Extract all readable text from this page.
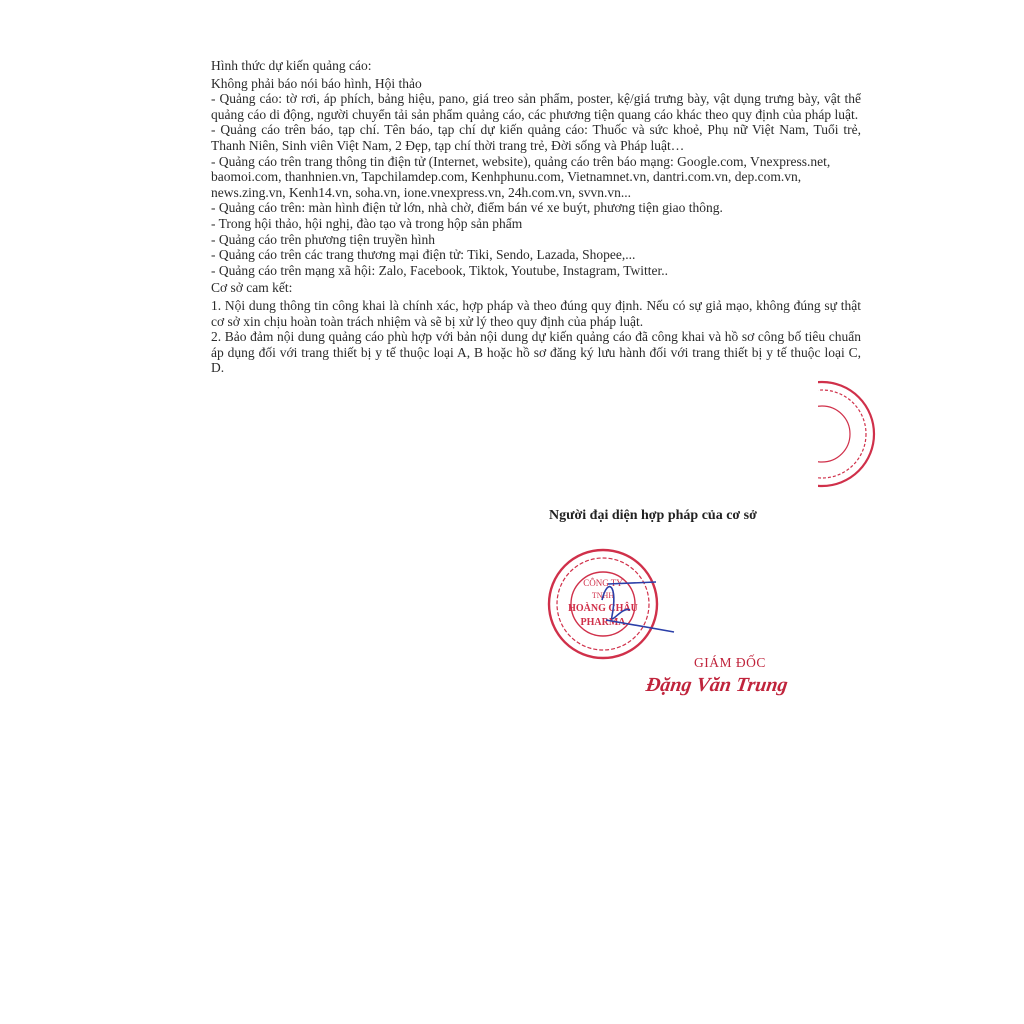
Hình thức dự kiến quảng cáo:

Không phải báo nói báo hình, Hội thảo

- Quảng cáo: tờ rơi, áp phích, bảng hiệu, pano, giá treo sản phẩm, poster, kệ/giá trưng bày, vật dụng trưng bày, vật thể quảng cáo di động, người chuyển tải sản phẩm quảng cáo, các phương tiện quang cáo khác theo quy định của pháp luật.

- Quảng cáo trên báo, tạp chí. Tên báo, tạp chí dự kiến quảng cáo: Thuốc và sức khoẻ, Phụ nữ Việt Nam, Tuổi trẻ, Thanh Niên, Sinh viên Việt Nam, 2 Đẹp, tạp chí thời trang trẻ, Đời sống và Pháp luật…

- Quảng cáo trên trang thông tin điện tử (Internet, website), quảng cáo trên báo mạng: Google.com, Vnexpress.net, baomoi.com, thanhnien.vn, Tapchilamdep.com, Kenhphunu.com, Vietnamnet.vn, dantri.com.vn, dep.com.vn, news.zing.vn, Kenh14.vn, soha.vn, ione.vnexpress.vn, 24h.com.vn, svvn.vn...

- Quảng cáo trên: màn hình điện tử lớn, nhà chờ, điểm bán vé xe buýt, phương tiện giao thông.

- Trong hội thảo, hội nghị, đào tạo và trong hộp sản phẩm

- Quảng cáo trên phương tiện truyền hình

- Quảng cáo trên các trang thương mại điện tử: Tiki, Sendo, Lazada, Shopee,...

- Quảng cáo trên mạng xã hội: Zalo, Facebook, Tiktok, Youtube, Instagram, Twitter..

Cơ sở cam kết:

1. Nội dung thông tin công khai là chính xác, hợp pháp và theo đúng quy định. Nếu có sự giả mạo, không đúng sự thật cơ sở xin chịu hoàn toàn trách nhiệm và sẽ bị xử lý theo quy định của pháp luật.

2. Bảo đảm nội dung quảng cáo phù hợp với bản nội dung dự kiến quảng cáo đã công khai và hồ sơ công bố tiêu chuẩn áp dụng đối với trang thiết bị y tế thuộc loại A, B hoặc hồ sơ đăng ký lưu hành đối với trang thiết bị y tế thuộc loại C, D.

Người đại diện hợp pháp của cơ sở
CÔNG TY
TNHH
HOÀNG CHÂU
PHARMA
GIÁM ĐỐC
Đặng Văn Trung
